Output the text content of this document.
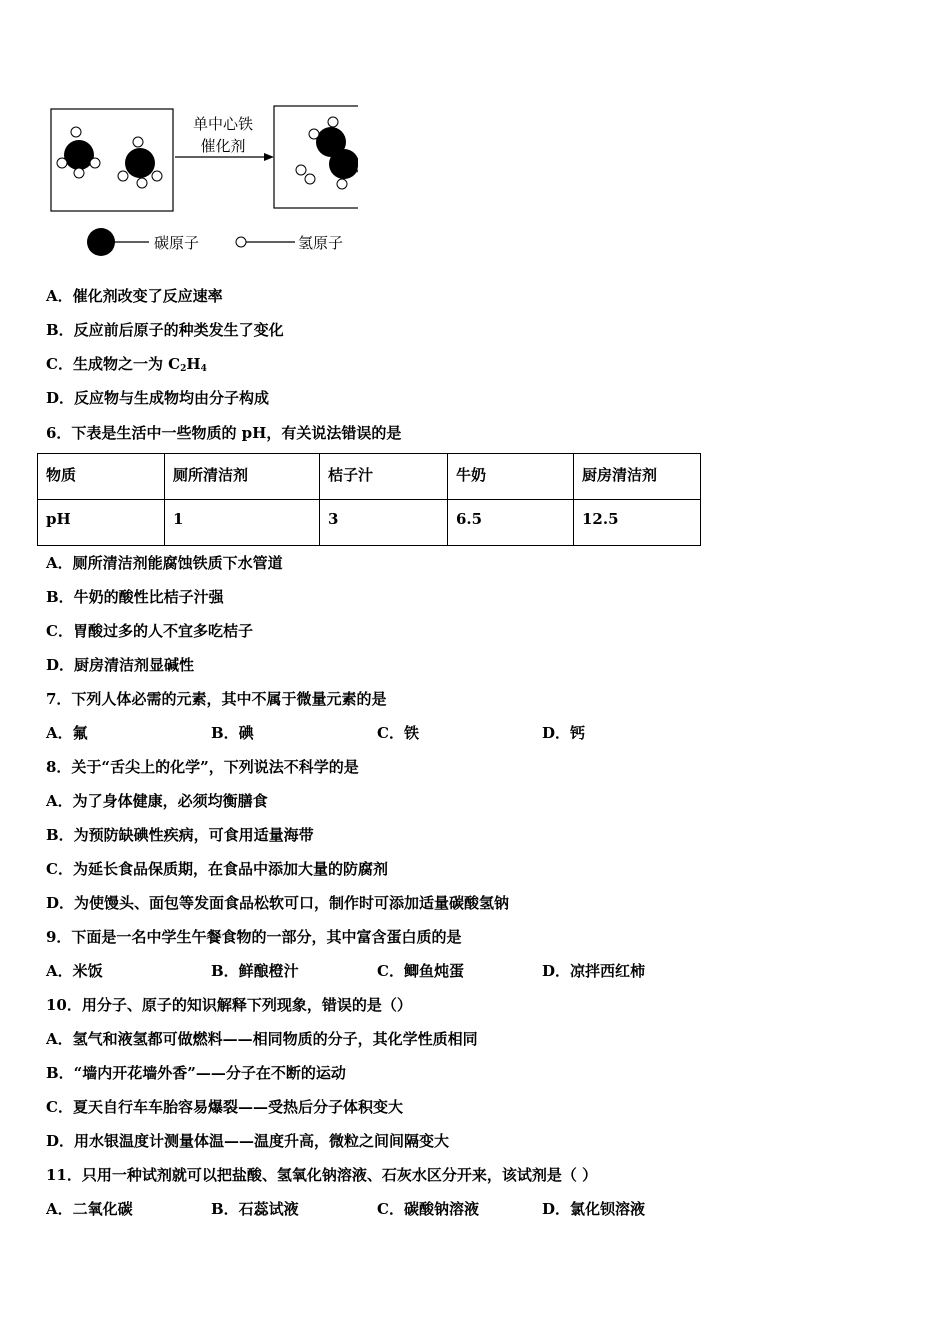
单中心铁
催化剂
碳原子	氢原子
A．催化剂改变了反应速率
B．反应前后原子的种类发生了变化
C．生成物之一为 $C_2H_4$
D．反应物与生成物均由分子构成
6．下表是生活中一些物质的 pH，有关说法错误的是
物质	厕所清洁剂	桔子汁	牛奶	厨房清洁剂
pH	1	3	6.5	12.5
A．厕所清洁剂能腐蚀铁质下水管道
B．牛奶的酸性比桔子汁强
C．胃酸过多的人不宜多吃桔子
D．厨房清洁剂显碱性
7．下列人体必需的元素，其中不属于微量元素的是
A．氟	B．碘	C．铁	D．钙
8．关于“舌尖上的化学”，下列说法不科学的是
A．为了身体健康，必须均衡膳食
B．为预防缺碘性疾病，可食用适量海带
C．为延长食品保质期，在食品中添加大量的防腐剂
D．为使馒头、面包等发面食品松软可口，制作时可添加适量碳酸氢钠
9．下面是一名中学生午餐食物的一部分，其中富含蛋白质的是
A．米饭	B．鲜酿橙汁	C．鲫鱼炖蛋	D．凉拌西红柿
10．用分子、原子的知识解释下列现象，错误的是（）
A．氢气和液氢都可做燃料——相同物质的分子，其化学性质相同
B．“墙内开花墙外香”——分子在不断的运动
C．夏天自行车车胎容易爆裂——受热后分子体积变大
D．用水银温度计测量体温——温度升高，微粒之间间隔变大
11．只用一种试剂就可以把盐酸、氢氧化钠溶液、石灰水区分开来，该试剂是（ ）
A．二氧化碳	B．石蕊试液	C．碳酸钠溶液	D．氯化钡溶液
